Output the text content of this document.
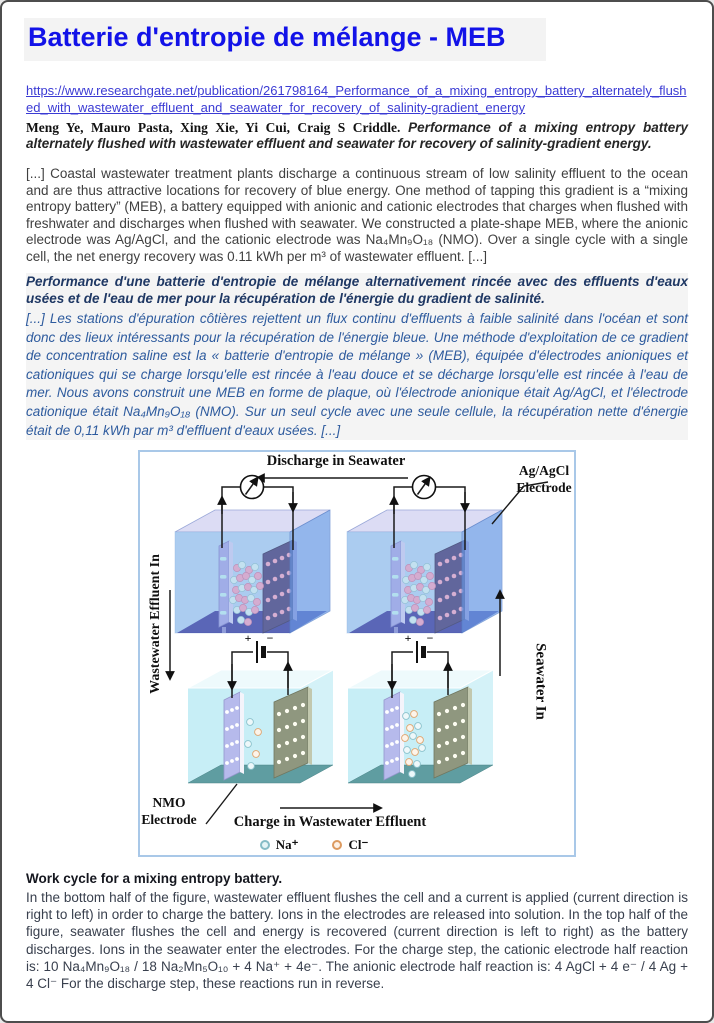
Batterie d'entropie de mélange - MEB
https://www.researchgate.net/publication/261798164_Performance_of_a_mixing_entropy_battery_alternately_flushed_with_wastewater_effluent_and_seawater_for_recovery_of_salinity-gradient_energy

Meng Ye, Mauro Pasta, Xing Xie, Yi Cui, Craig S Criddle. Performance of a mixing entropy battery alternately flushed with wastewater effluent and seawater for recovery of salinity-gradient energy.

[...] Coastal wastewater treatment plants discharge a continuous stream of low salinity effluent to the ocean and are thus attractive locations for recovery of blue energy. One method of tapping this gradient is a “mixing entropy battery” (MEB), a battery equipped with anionic and cationic electrodes that charges when flushed with freshwater and discharges when flushed with seawater. We constructed a plate-shape MEB, where the anionic electrode was Ag/AgCl, and the cationic electrode was Na₄Mn₉O₁₈ (NMO). Over a single cycle with a single cell, the net energy recovery was 0.11 kWh per m³ of wastewater effluent. [...]

Performance d'une batterie d'entropie de mélange alternativement rincée avec des effluents d'eaux usées et de l'eau de mer pour la récupération de l'énergie du gradient de salinité.

[...] Les stations d'épuration côtières rejettent un flux continu d'effluents à faible salinité dans l'océan et sont donc des lieux intéressants pour la récupération de l'énergie bleue. Une méthode d'exploitation de ce gradient de concentration saline est la « batterie d'entropie de mélange » (MEB), équipée d'électrodes anioniques et cationiques qui se charge lorsqu'elle est rincée à l'eau douce et se décharge lorsqu'elle est rincée à l'eau de mer. Nous avons construit une MEB en forme de plaque, où l'électrode anionique était Ag/AgCl, et l'électrode cationique était Na₄Mn₉O₁₈ (NMO). Sur un seul cycle avec une seule cellule, la récupération nette d'énergie était de 0,11 kWh par m³ d'effluent d'eaux usées. [...]

Discharge in Seawater
Ag/AgCl
Electrode
Wastewater Effluent In	Seawater In
NMO
Electrode	Charge in Wastewater Effluent
+ −	+ −
Na⁺	Cl⁻

Work cycle for a mixing entropy battery.

In the bottom half of the figure, wastewater effluent flushes the cell and a current is applied (current direction is right to left) in order to charge the battery. Ions in the electrodes are released into solution. In the top half of the figure, seawater flushes the cell and energy is recovered (current direction is left to right) as the battery discharges. Ions in the seawater enter the electrodes. For the charge step, the cationic electrode half reaction is: 10 Na₄Mn₉O₁₈ / 18 Na₂Mn₅O₁₀ + 4 Na⁺ + 4e⁻. The anionic electrode half reaction is: 4 AgCl + 4 e⁻ / 4 Ag + 4 Cl⁻ For the discharge step, these reactions run in reverse.
